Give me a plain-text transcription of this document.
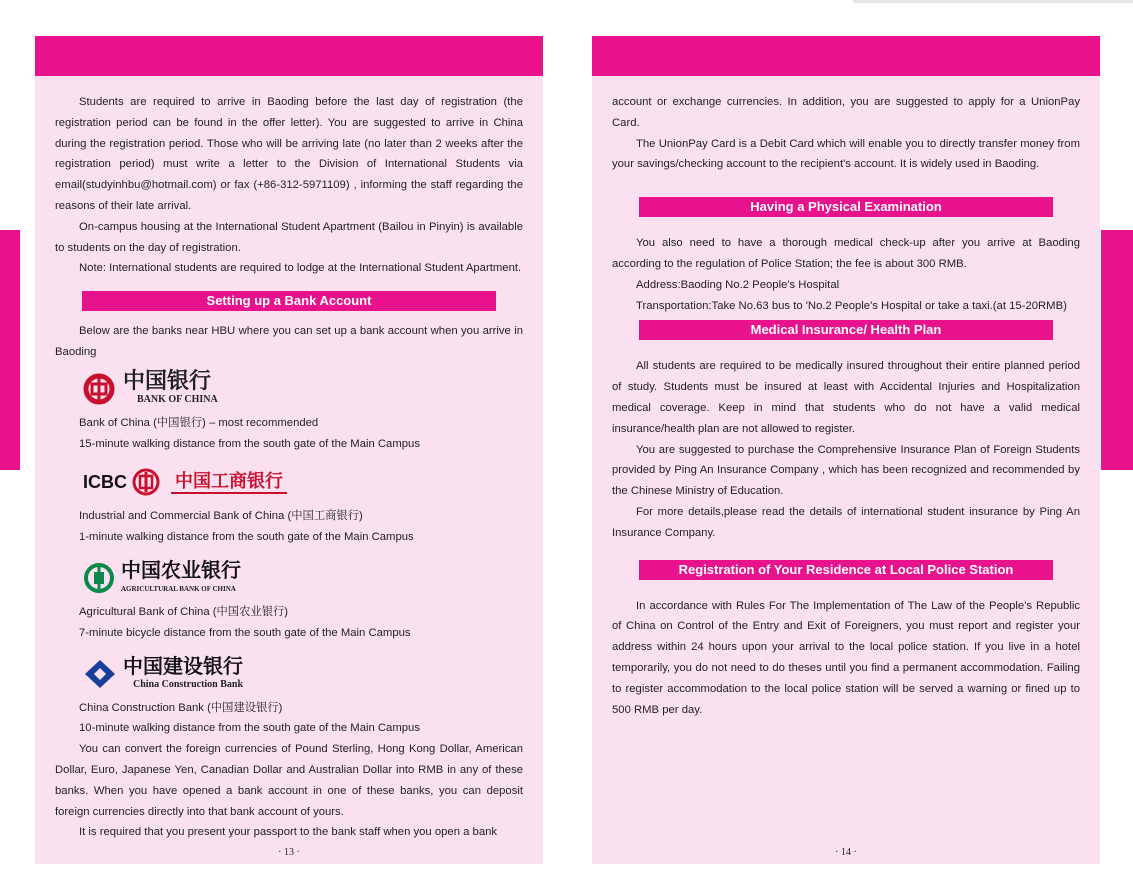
Students are required to arrive in Baoding before the last day of registration (the registration period can be found in the offer letter). You are suggested to arrive in China during the registration period. Those who will be arriving late (no later than 2 weeks after the registration period) must write a letter to the Division of International Students via email(studyinhbu@hotmail.com) or fax (+86-312-5971109) , informing the staff regarding the reasons of their late arrival.

On-campus housing at the International Student Apartment (Bailou in Pinyin) is available to students on the day of registration.

Note: International students are required to lodge at the International Student Apartment.

Setting up a Bank Account

Below are the banks near HBU where you can set up a bank account when you arrive in Baoding

中国银行
BANK OF CHINA

Bank of China (中国银行) – most recommended

15-minute walking distance from the south gate of the Main Campus

ICBC	中国工商银行

Industrial and Commercial Bank of China (中国工商银行)

1-minute walking distance from the south gate of the Main Campus

中国农业银行
AGRICULTURAL BANK OF CHINA

Agricultural Bank of China (中国农业银行)

7-minute bicycle distance from the south gate of the Main Campus

中国建设银行
China Construction Bank

China Construction Bank (中国建设银行)

10-minute walking distance from the south gate of the Main Campus

You can convert the foreign currencies of Pound Sterling, Hong Kong Dollar, American Dollar, Euro, Japanese Yen, Canadian Dollar and Australian Dollar into RMB in any of these banks. When you have opened a bank account in one of these banks, you can deposit foreign currencies directly into that bank account of yours.

It is required that you present your passport to the bank staff when you open a bank

· 13 ·

account or exchange currencies. In addition, you are suggested to apply for a UnionPay Card.

The UnionPay Card is a Debit Card which will enable you to directly transfer money from your savings/checking account to the recipient's account. It is widely used in Baoding.

Having a Physical Examination

You also need to have a thorough medical check-up after you arrive at Baoding according to the regulation of Police Station; the fee is about 300 RMB.

Address:Baoding No.2 People's Hospital

Transportation:Take No.63 bus to 'No.2 People's Hospital or take a taxi.(at 15-20RMB)

Medical Insurance/ Health Plan

All students are required to be medically insured throughout their entire planned period of study. Students must be insured at least with Accidental Injuries and Hospitalization medical coverage. Keep in mind that students who do not have a valid medical insurance/health plan are not allowed to register.

You are suggested to purchase the Comprehensive Insurance Plan of Foreign Students provided by Ping An Insurance Company , which has been recognized and recommended by the Chinese Ministry of Education.

For more details,please read the details of international student insurance by Ping An Insurance Company.

Registration of Your Residence at Local Police Station

In accordance with Rules For The Implementation of The Law of the People's Republic of China on Control of the Entry and Exit of Foreigners, you must report and register your address within 24 hours upon your arrival to the local police station. If you live in a hotel temporarily, you do not need to do theses until you find a permanent accommodation. Failing to register accommodation to the local police station will be served a warning or fined up to 500 RMB per day.

· 14 ·
